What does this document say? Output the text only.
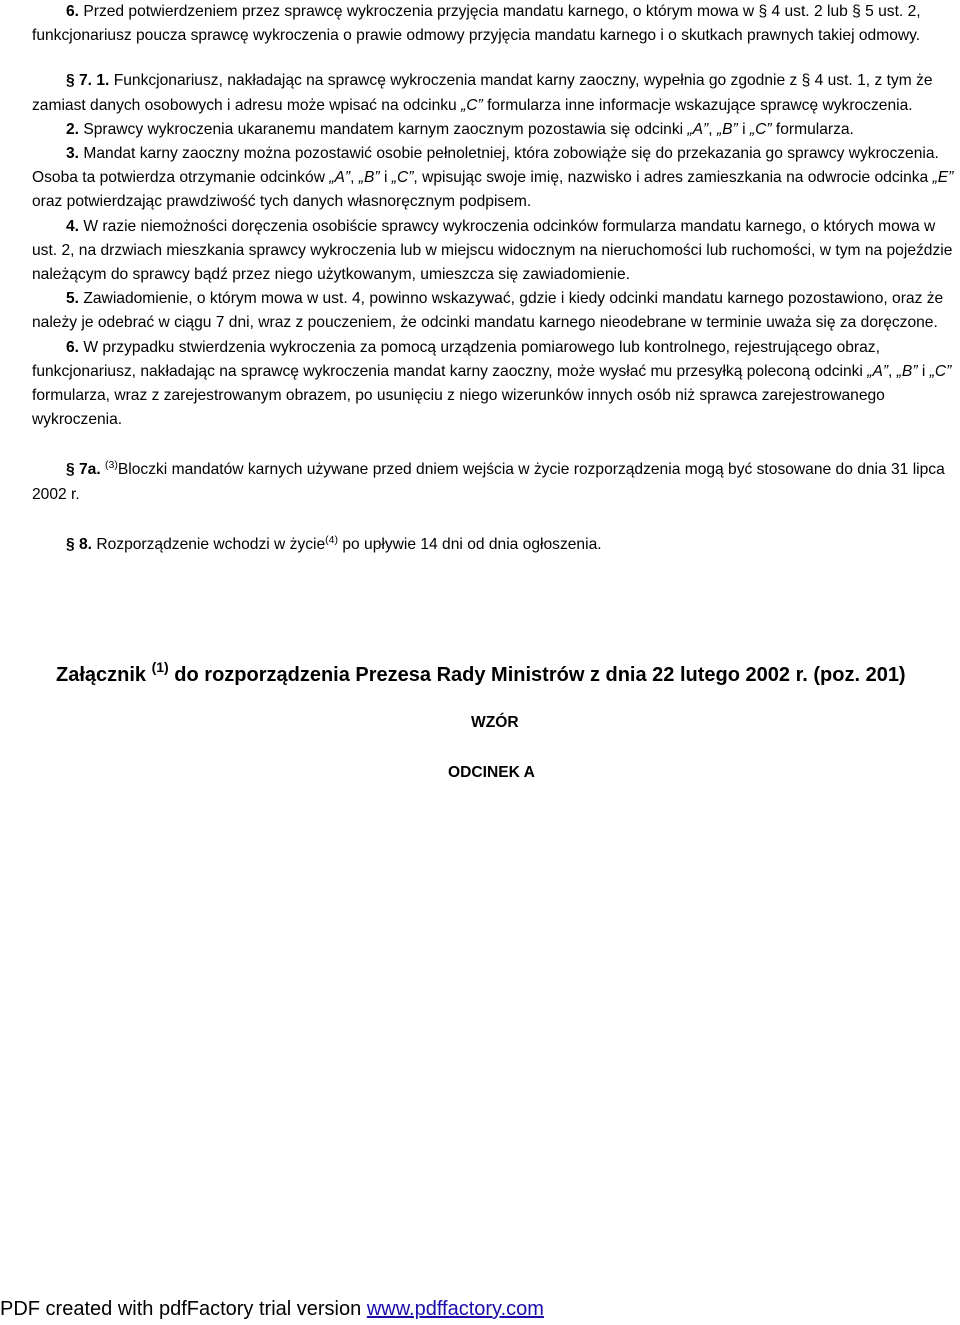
6. Przed potwierdzeniem przez sprawcę wykroczenia przyjęcia mandatu karnego, o którym mowa w § 4 ust. 2 lub § 5 ust. 2, funkcjonariusz poucza sprawcę wykroczenia o prawie odmowy przyjęcia mandatu karnego i o skutkach prawnych takiej odmowy.

§ 7. 1. Funkcjonariusz, nakładając na sprawcę wykroczenia mandat karny zaoczny, wypełnia go zgodnie z § 4 ust. 1, z tym że zamiast danych osobowych i adresu może wpisać na odcinku „C” formularza inne informacje wskazujące sprawcę wykroczenia.

2. Sprawcy wykroczenia ukaranemu mandatem karnym zaocznym pozostawia się odcinki „A”, „B” i „C” formularza.

3. Mandat karny zaoczny można pozostawić osobie pełnoletniej, która zobowiąże się do przekazania go sprawcy wykroczenia. Osoba ta potwierdza otrzymanie odcinków „A”, „B” i „C”, wpisując swoje imię, nazwisko i adres zamieszkania na odwrocie odcinka „E” oraz potwierdzając prawdziwość tych danych własnoręcznym podpisem.

4. W razie niemożności doręczenia osobiście sprawcy wykroczenia odcinków formularza mandatu karnego, o których mowa w ust. 2, na drzwiach mieszkania sprawcy wykroczenia lub w miejscu widocznym na nieruchomości lub ruchomości, w tym na pojeździe należącym do sprawcy bądź przez niego użytkowanym, umieszcza się zawiadomienie.

5. Zawiadomienie, o którym mowa w ust. 4, powinno wskazywać, gdzie i kiedy odcinki mandatu karnego pozostawiono, oraz że należy je odebrać w ciągu 7 dni, wraz z pouczeniem, że odcinki mandatu karnego nieodebrane w terminie uważa się za doręczone.

6. W przypadku stwierdzenia wykroczenia za pomocą urządzenia pomiarowego lub kontrolnego, rejestrującego obraz, funkcjonariusz, nakładając na sprawcę wykroczenia mandat karny zaoczny, może wysłać mu przesyłką poleconą odcinki „A”, „B” i „C” formularza, wraz z zarejestrowanym obrazem, po usunięciu z niego wizerunków innych osób niż sprawca zarejestrowanego wykroczenia.

§ 7a. $^{(3)}$Bloczki mandatów karnych używane przed dniem wejścia w życie rozporządzenia mogą być stosowane do dnia 31 lipca 2002 r.

§ 8. Rozporządzenie wchodzi w życie$^{(4)}$ po upływie 14 dni od dnia ogłoszenia.

Załącznik $^{(1)}$ do rozporządzenia Prezesa Rady Ministrów z dnia 22 lutego 2002 r. (poz. 201)
WZÓR
ODCINEK A
PDF created with pdfFactory trial version www.pdffactory.com
